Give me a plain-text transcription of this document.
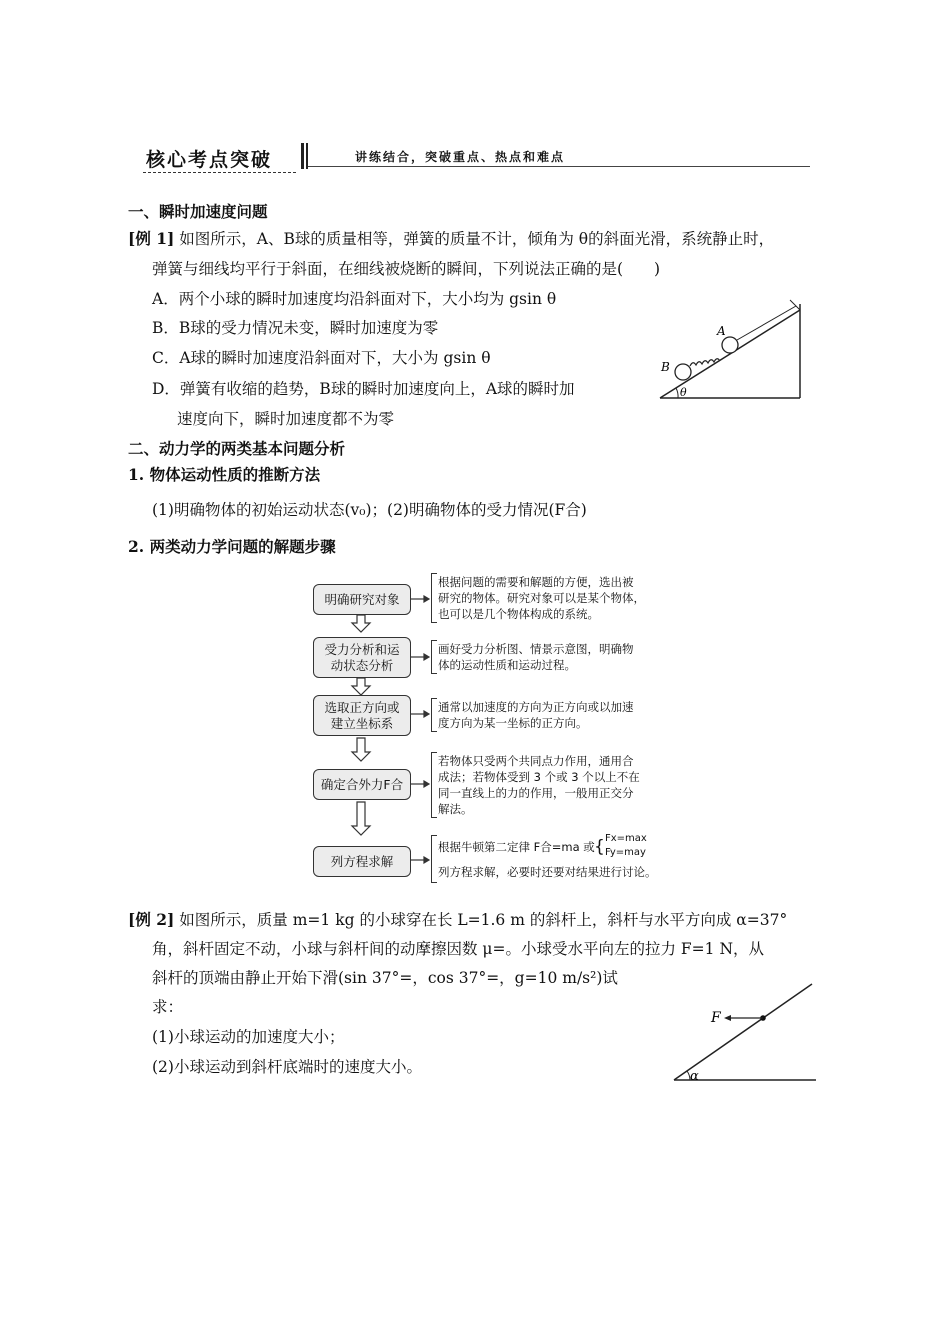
核心考点突破	讲练结合，突破重点、热点和难点
一、瞬时加速度问题
[例 1] 如图所示，A、B球的质量相等，弹簧的质量不计，倾角为 θ的斜面光滑，系统静止时，
弹簧与细线均平行于斜面，在细线被烧断的瞬间，下列说法正确的是(　　)
A．两个小球的瞬时加速度均沿斜面对下，大小均为 gsin θ
B．B球的受力情况未变，瞬时加速度为零
C．A球的瞬时加速度沿斜面对下，大小为 gsin θ
D．弹簧有收缩的趋势，B球的瞬时加速度向上，A球的瞬时加
速度向下，瞬时加速度都不为零
B
A
θ
二、动力学的两类基本问题分析
1. 物体运动性质的推断方法
(1)明确物体的初始运动状态(v₀)；(2)明确物体的受力情况(F合)
2. 两类动力学问题的解题步骤
明确研究对象
受力分析和运
动状态分析
选取正方向或
建立坐标系
确定合外力F合
列方程求解
根据问题的需要和解题的方便，选出被
研究的物体。研究对象可以是某个物体，
也可以是几个物体构成的系统。
画好受力分析图、情景示意图，明确物
体的运动性质和运动过程。
通常以加速度的方向为正方向或以加速
度方向为某一坐标的正方向。
若物体只受两个共同点力作用，通用合
成法；若物体受到 3 个或 3 个以上不在
同一直线上的力的作用，一般用正交分
解法。
根据牛顿第二定律 F合=ma 或 { Fx=max
Fy=may
列方程求解，必要时还要对结果进行讨论。
[例 2] 如图所示，质量 m=1 kg 的小球穿在长 L=1.6 m 的斜杆上，斜杆与水平方向成 α=37°
角，斜杆固定不动，小球与斜杆间的动摩擦因数 μ=。小球受水平向左的拉力 F=1 N，从
斜杆的顶端由静止开始下滑(sin 37°=，cos 37°=，g=10 m/s²)试
求：
(1)小球运动的加速度大小；
(2)小球运动到斜杆底端时的速度大小。
F
α
